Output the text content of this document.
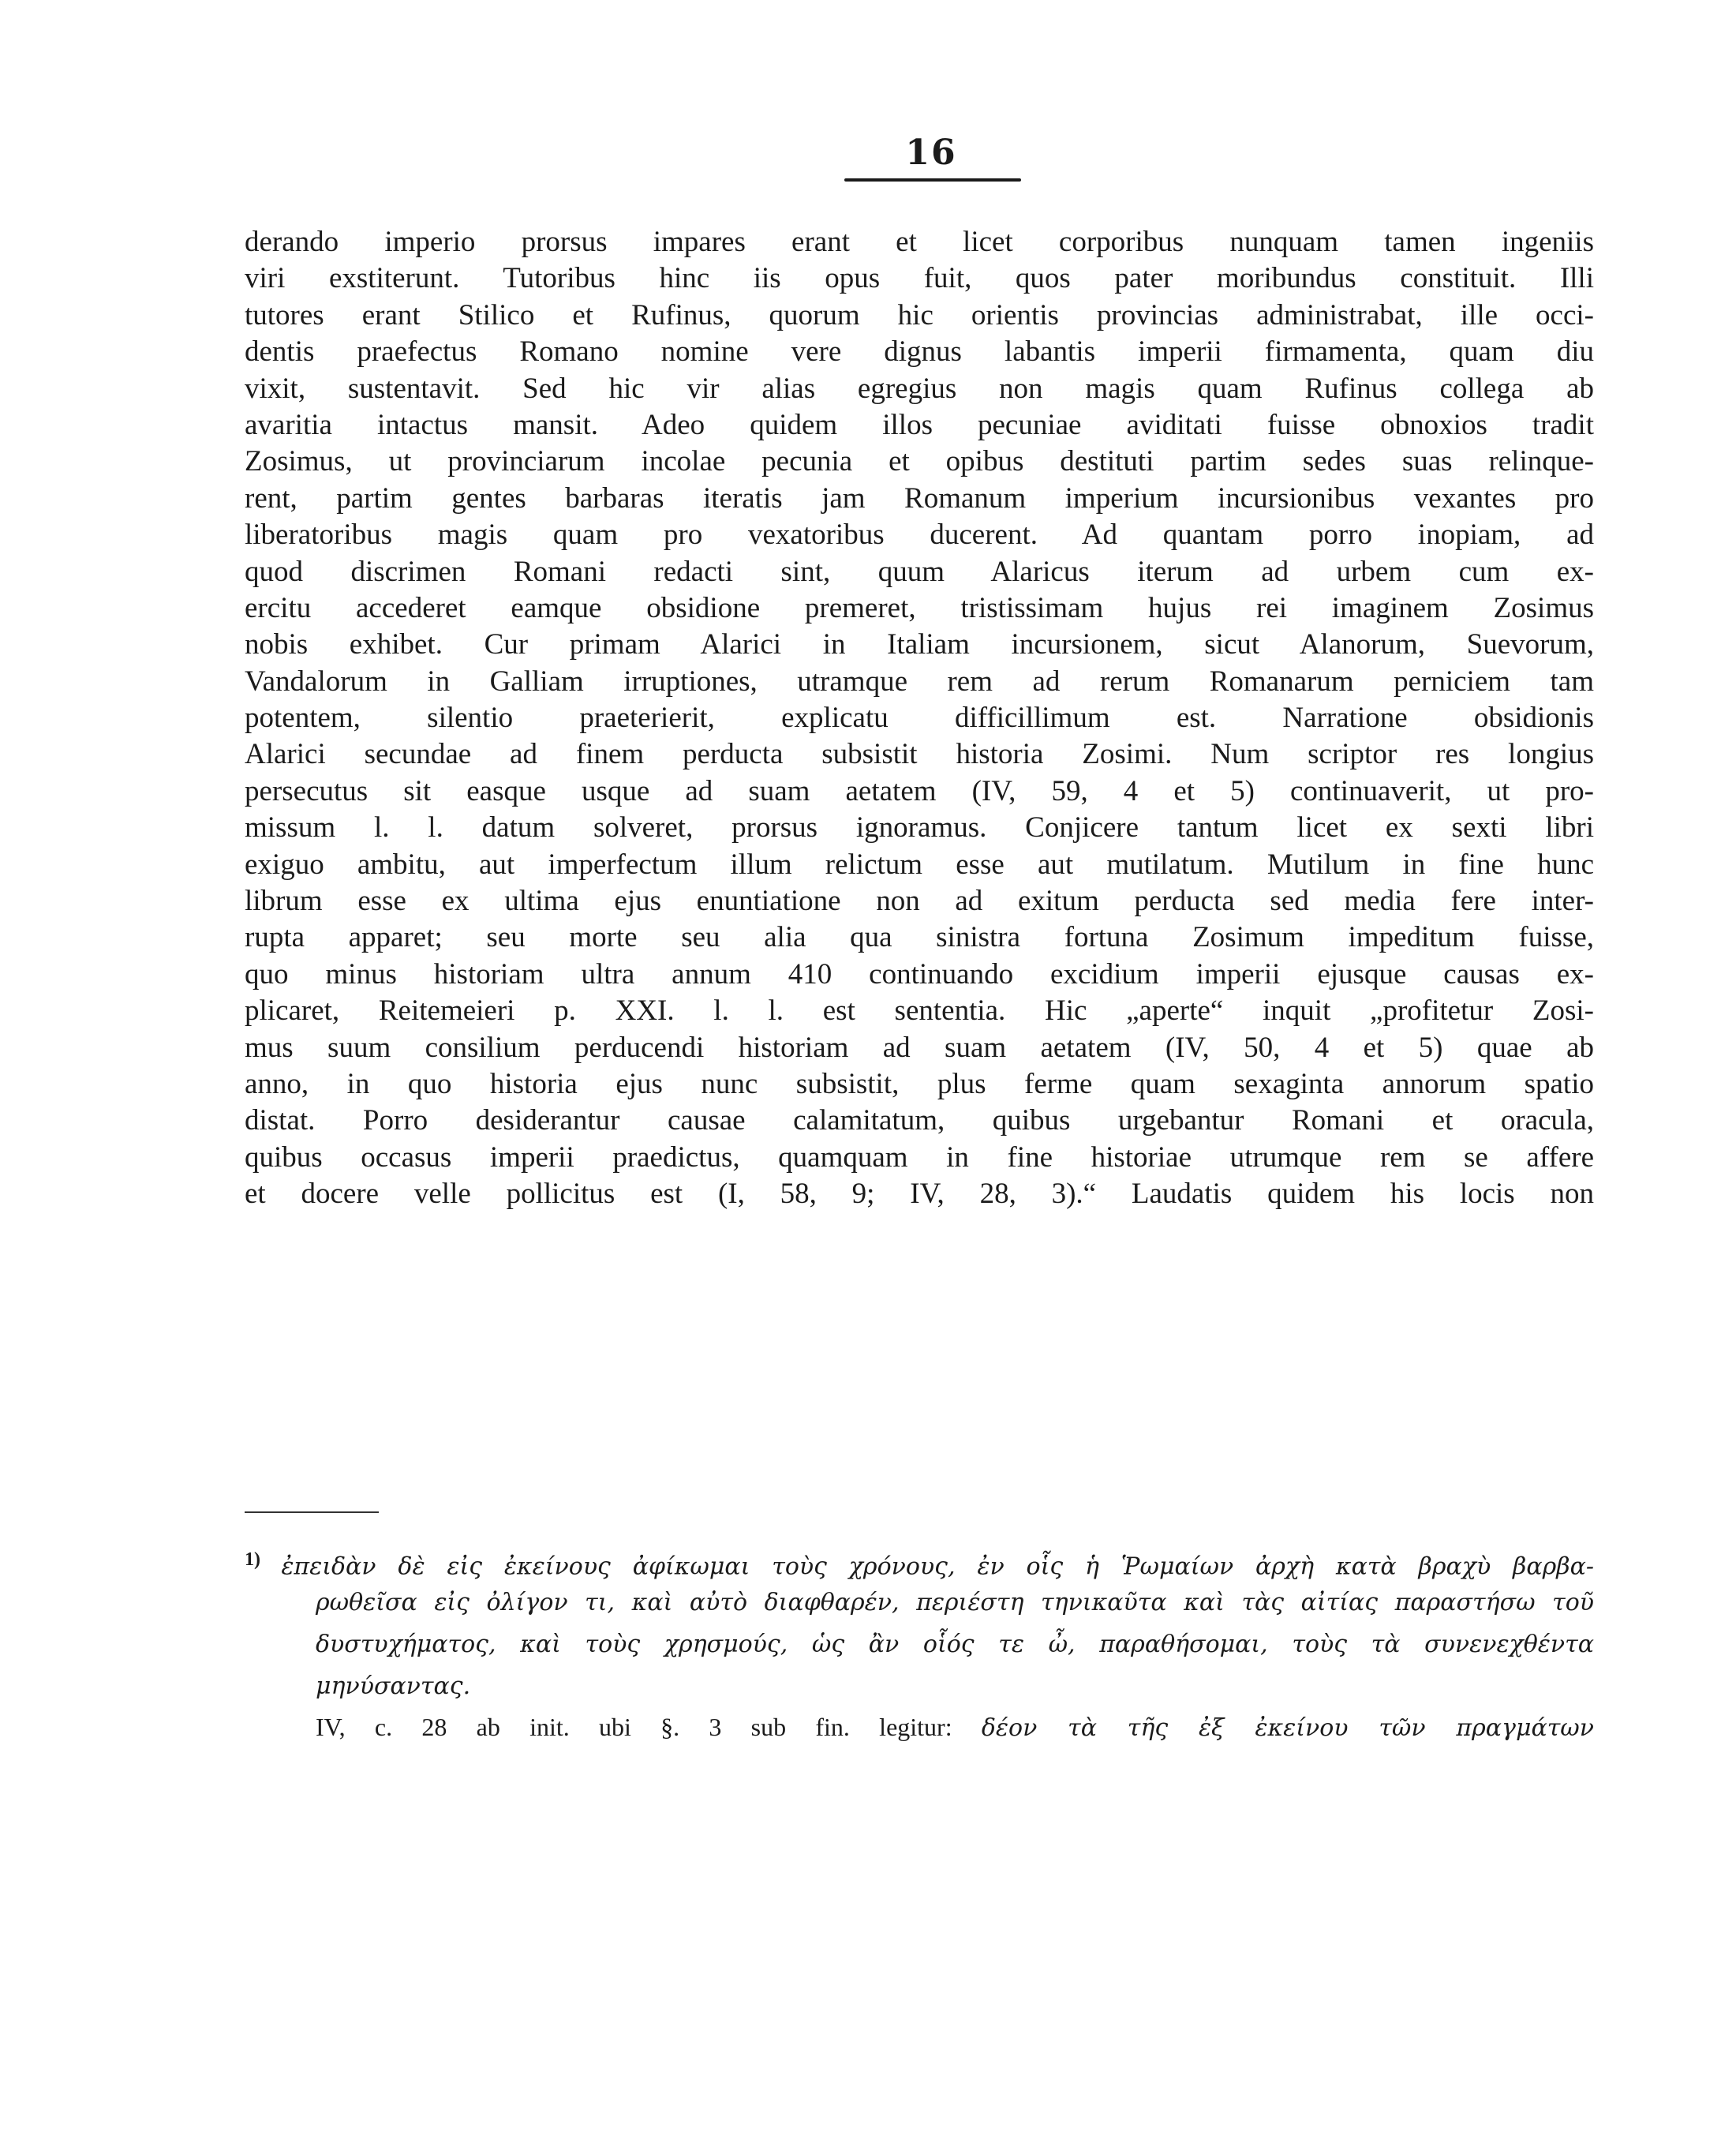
16
derando imperio prorsus impares erant et licet corporibus nunquam tamen ingeniis
viri exstiterunt. Tutoribus hinc iis opus fuit, quos pater moribundus constituit. Illi
tutores erant Stilico et Rufinus, quorum hic orientis provincias administrabat, ille occi-
dentis praefectus Romano nomine vere dignus labantis imperii firmamenta, quam diu
vixit, sustentavit. Sed hic vir alias egregius non magis quam Rufinus collega ab
avaritia intactus mansit. Adeo quidem illos pecuniae aviditati fuisse obnoxios tradit
Zosimus, ut provinciarum incolae pecunia et opibus destituti partim sedes suas relinque-
rent, partim gentes barbaras iteratis jam Romanum imperium incursionibus vexantes pro
liberatoribus magis quam pro vexatoribus ducerent. Ad quantam porro inopiam, ad
quod discrimen Romani redacti sint, quum Alaricus iterum ad urbem cum ex-
ercitu accederet eamque obsidione premeret, tristissimam hujus rei imaginem Zosimus
nobis exhibet. Cur primam Alarici in Italiam incursionem, sicut Alanorum, Suevorum,
Vandalorum in Galliam irruptiones, utramque rem ad rerum Romanarum perniciem tam
potentem, silentio praeterierit, explicatu difficillimum est. Narratione obsidionis
Alarici secundae ad finem perducta subsistit historia Zosimi. Num scriptor res longius
persecutus sit easque usque ad suam aetatem (IV, 59, 4 et 5) continuaverit, ut pro-
missum l. l. datum solveret, prorsus ignoramus. Conjicere tantum licet ex sexti libri
exiguo ambitu, aut imperfectum illum relictum esse aut mutilatum. Mutilum in fine hunc
librum esse ex ultima ejus enuntiatione non ad exitum perducta sed media fere inter-
rupta apparet; seu morte seu alia qua sinistra fortuna Zosimum impeditum fuisse,
quo minus historiam ultra annum 410 continuando excidium imperii ejusque causas ex-
plicaret, Reitemeieri p. XXI. l. l. est sententia. Hic „aperte“ inquit „profitetur Zosi-
mus suum consilium perducendi historiam ad suam aetatem (IV, 50, 4 et 5) quae ab
anno, in quo historia ejus nunc subsistit, plus ferme quam sexaginta annorum spatio
distat. Porro desiderantur causae calamitatum, quibus urgebantur Romani et oracula,
quibus occasus imperii praedictus, quamquam in fine historiae utrumque rem se affere
et docere velle pollicitus est (I, 58, 9; IV, 28, 3).“ Laudatis quidem his locis non
$^{1)}$ ἐπειδὰν δὲ εἰς ἐκείνους ἀφίκωμαι τοὺς χρόνους, ἐν οἷς ἡ Ῥωμαίων ἀρχὴ κατὰ βραχὺ βαρβα-
ρωθεῖσα εἰς ὀλίγον τι, καὶ αὐτὸ διαφθαρέν, περιέστη τηνικαῦτα καὶ τὰς αἰτίας παραστήσω τοῦ
δυστυχήματος, καὶ τοὺς χρησμούς, ὡς ἂν οἷός τε ὦ, παραθήσομαι, τοὺς τὰ συνενεχθέντα
μηνύσαντας.
IV, c. 28 ab init. ubi §. 3 sub fin. legitur: δέον τὰ τῆς ἐξ ἐκείνου τῶν πραγμάτων
